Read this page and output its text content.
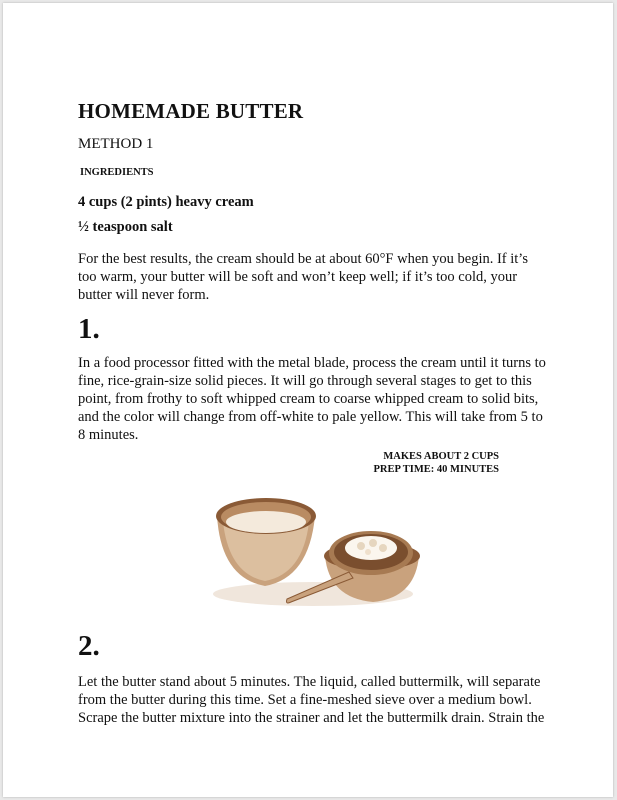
HOMEMADE BUTTER
METHOD 1
INGREDIENTS
4 cups (2 pints) heavy cream
½ teaspoon salt
For the best results, the cream should be at about 60°F when you begin. If it’s too warm, your butter will be soft and won’t keep well; if it’s too cold, your butter will never form.
1.
In a food processor fitted with the metal blade, process the cream until it turns to fine, rice-grain-size solid pieces. It will go through several stages to get to this point, from frothy to soft whipped cream to coarse whipped cream to solid bits, and the color will change from off-white to pale yellow. This will take from 5 to 8 minutes.
MAKES ABOUT 2 CUPS
PREP TIME: 40 MINUTES
2.
Let the butter stand about 5 minutes. The liquid, called buttermilk, will separate from the butter during this time. Set a fine-meshed sieve over a medium bowl. Scrape the butter mixture into the strainer and let the buttermilk drain. Strain the
